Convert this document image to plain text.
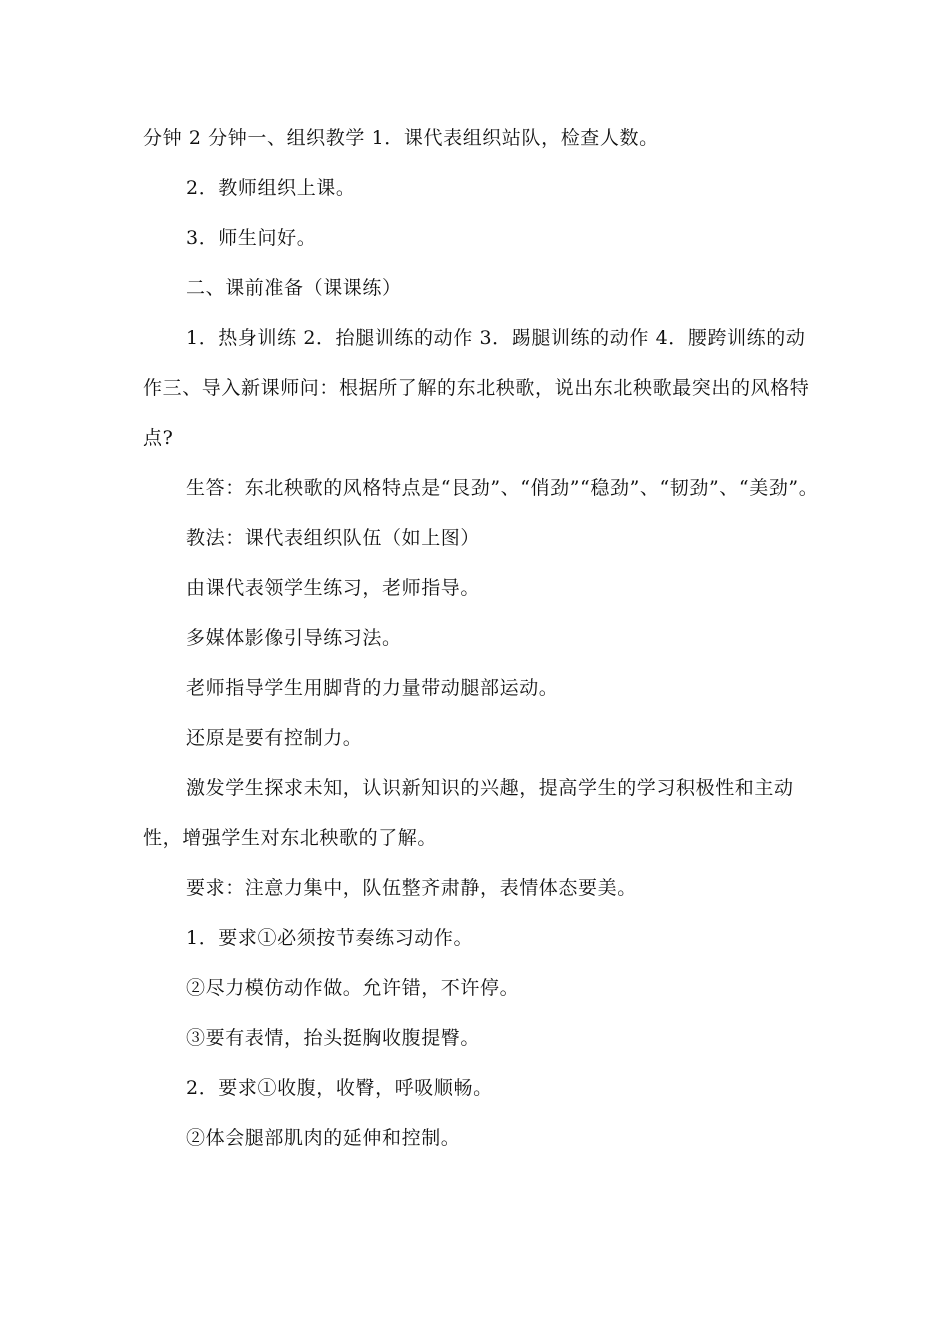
分钟 2 分钟一、组织教学 1．课代表组织站队，检查人数。

2．教师组织上课。

3．师生问好。

二、课前准备（课课练）

1．热身训练 2．抬腿训练的动作 3．踢腿训练的动作 4．腰跨训练的动作三、导入新课师问：根据所了解的东北秧歌，说出东北秧歌最突出的风格特点?

生答：东北秧歌的风格特点是“艮劲”、“俏劲”“稳劲”、“韧劲”、“美劲”。

教法：课代表组织队伍（如上图）

由课代表领学生练习，老师指导。

多媒体影像引导练习法。

老师指导学生用脚背的力量带动腿部运动。

还原是要有控制力。

激发学生探求未知，认识新知识的兴趣，提高学生的学习积极性和主动性，增强学生对东北秧歌的了解。

要求：注意力集中，队伍整齐肃静，表情体态要美。

1．要求①必须按节奏练习动作。

②尽力模仿动作做。允许错，不许停。

③要有表情，抬头挺胸收腹提臀。

2．要求①收腹，收臀，呼吸顺畅。

②体会腿部肌肉的延伸和控制。
